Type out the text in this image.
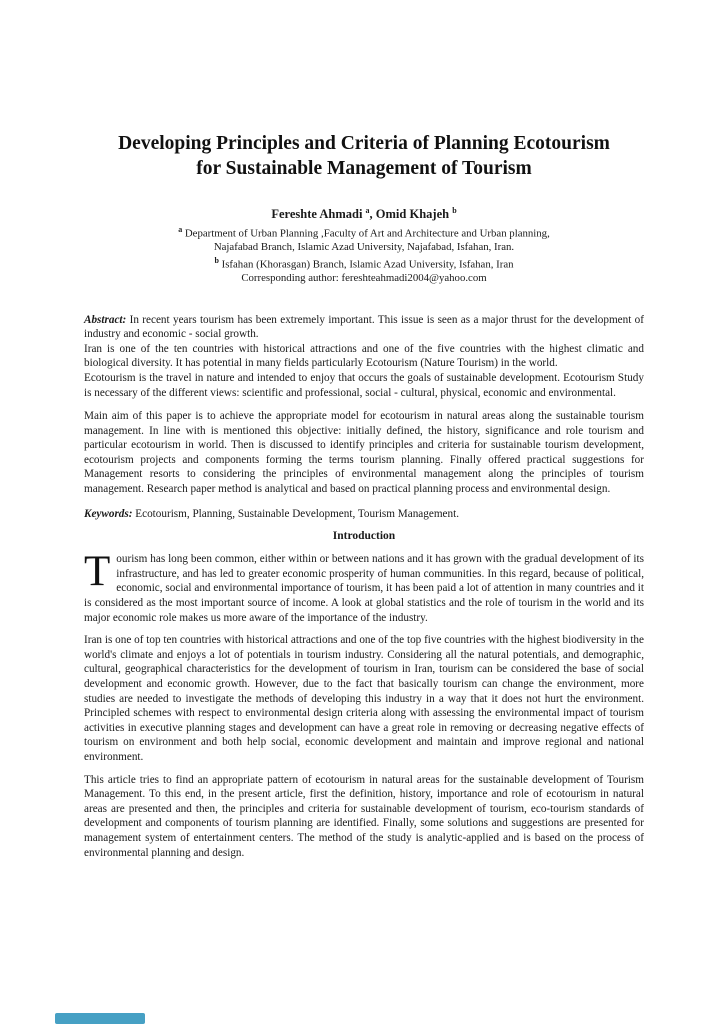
Developing Principles and Criteria of Planning Ecotourism
for Sustainable Management of Tourism
Fereshte Ahmadi $^a$, Omid Khajeh $^b$
$^a$ Department of Urban Planning ,Faculty of Art and Architecture and Urban planning,
Najafabad Branch, Islamic Azad University, Najafabad, Isfahan, Iran.
$^b$ Isfahan (Khorasgan) Branch, Islamic Azad University, Isfahan, Iran
Corresponding author: fereshteahmadi2004@yahoo.com
Abstract: In recent years tourism has been extremely important. This issue is seen as a major thrust for the development of industry and economic - social growth.
Iran is one of the ten countries with historical attractions and one of the five countries with the highest climatic and biological diversity. It has potential in many fields particularly Ecotourism (Nature Tourism) in the world.
Ecotourism is the travel in nature and intended to enjoy that occurs the goals of sustainable development. Ecotourism Study is necessary of the different views: scientific and professional, social - cultural, physical, economic and environmental.
Main aim of this paper is to achieve the appropriate model for ecotourism in natural areas along the sustainable tourism management. In line with is mentioned this objective: initially defined, the history, significance and role tourism and particular ecotourism in world. Then is discussed to identify principles and criteria for sustainable tourism development, ecotourism projects and components forming the terms tourism planning. Finally offered practical suggestions for Management resorts to considering the principles of environmental management along the principles of tourism management. Research paper method is analytical and based on practical planning process and environmental design.
Keywords: Ecotourism, Planning, Sustainable Development, Tourism Management.
Introduction
Tourism has long been common, either within or between nations and it has grown with the gradual development of its infrastructure, and has led to greater economic prosperity of human communities. In this regard, because of political, economic, social and environmental importance of tourism, it has been paid a lot of attention in many countries and it is considered as the most important source of income. A look at global statistics and the role of tourism in the world and its major economic role makes us more aware of the importance of the industry.
Iran is one of top ten countries with historical attractions and one of the top five countries with the highest biodiversity in the world's climate and enjoys a lot of potentials in tourism industry. Considering all the natural potentials, and demographic, cultural, geographical characteristics for the development of tourism in Iran, tourism can be considered the base of social development and economic growth. However, due to the fact that basically tourism can change the environment, more studies are needed to investigate the methods of developing this industry in a way that it does not hurt the environment. Principled schemes with respect to environmental design criteria along with assessing the environmental impact of tourism activities in executive planning stages and development can have a great role in removing or decreasing negative effects of tourism on environment and both help social, economic development and maintain and improve regional and national environment.
This article tries to find an appropriate pattern of ecotourism in natural areas for the sustainable development of Tourism Management. To this end, in the present article, first the definition, history, importance and role of ecotourism in natural areas are presented and then, the principles and criteria for sustainable development of tourism, eco-tourism standards of development and components of tourism planning are identified. Finally, some solutions and suggestions are presented for management system of entertainment centers. The method of the study is analytic-applied and is based on the process of environmental planning and design.
